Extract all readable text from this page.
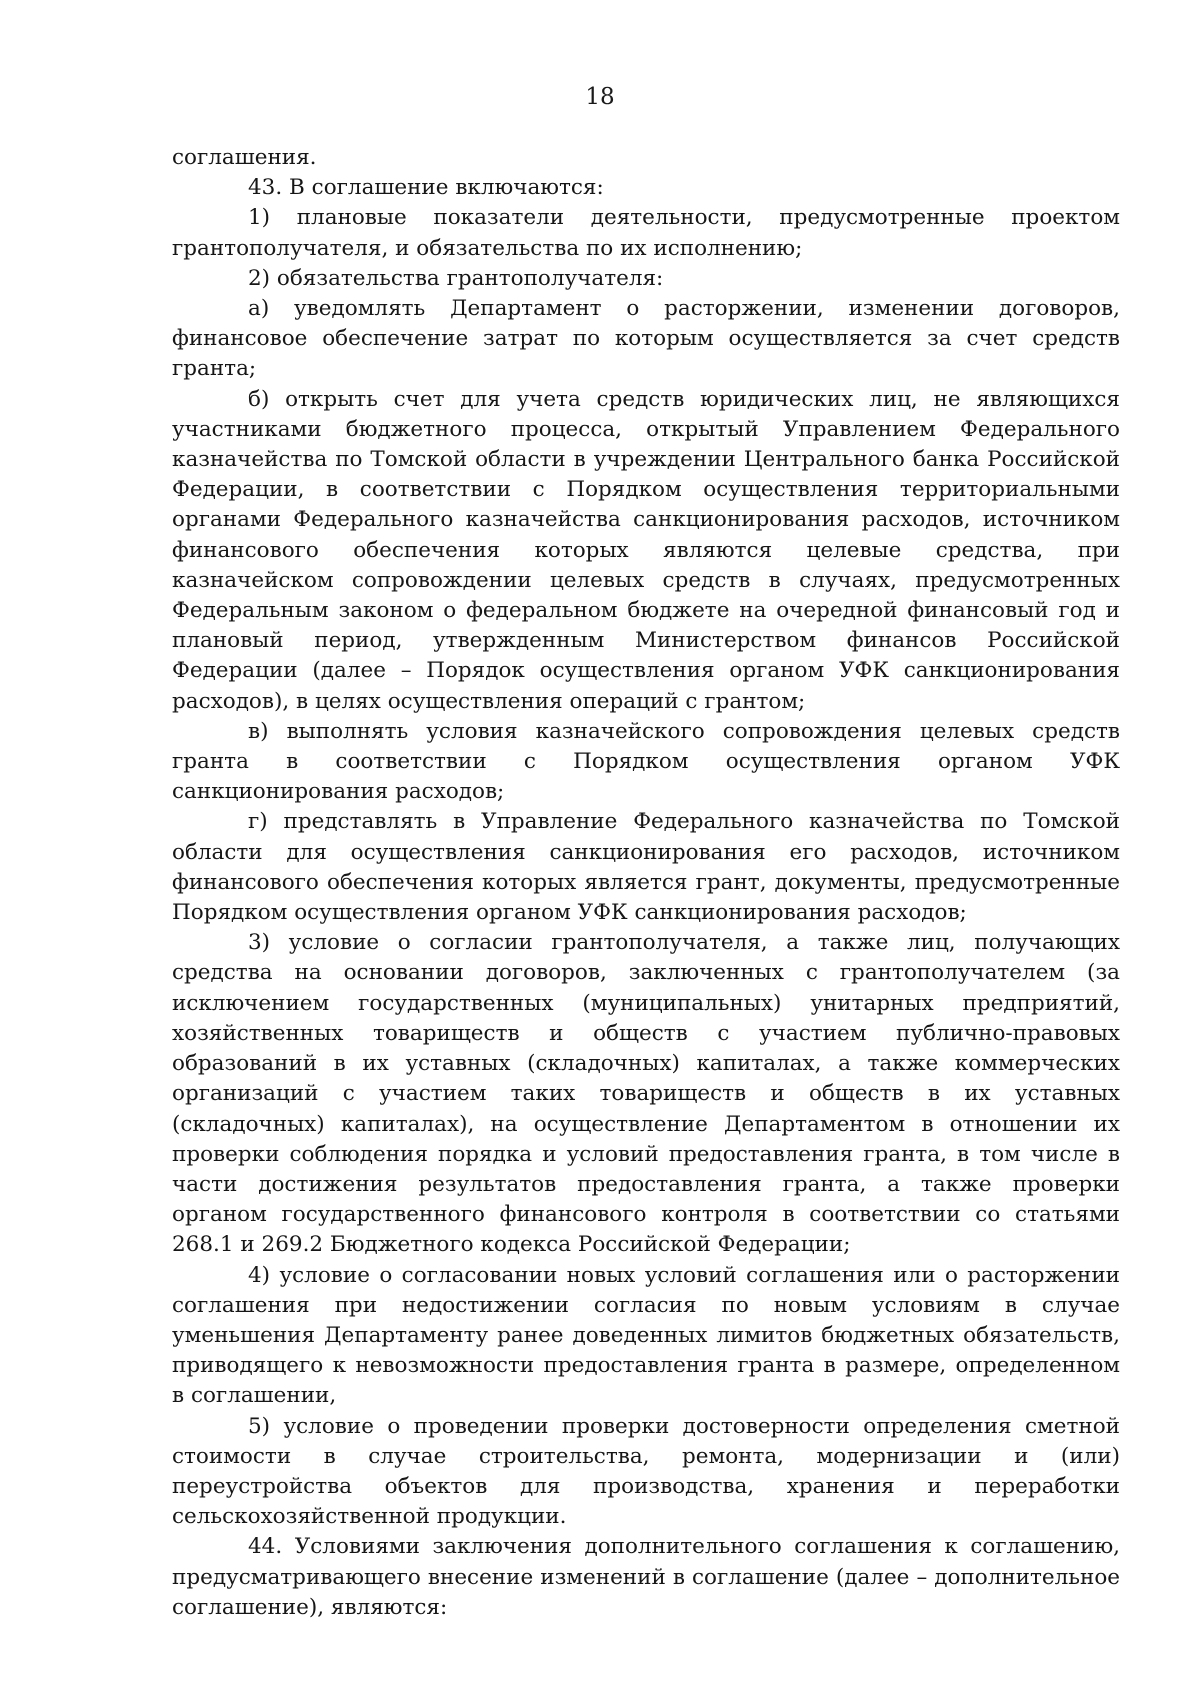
18

соглашения.

43. В соглашение включаются:

1) плановые показатели деятельности, предусмотренные проектом грантополучателя, и обязательства по их исполнению;

2) обязательства грантополучателя:

а) уведомлять Департамент о расторжении, изменении договоров, финансовое обеспечение затрат по которым осуществляется за счет средств гранта;

б) открыть счет для учета средств юридических лиц, не являющихся участниками бюджетного процесса, открытый Управлением Федерального казначейства по Томской области в учреждении Центрального банка Российской Федерации, в соответствии с Порядком осуществления территориальными органами Федерального казначейства санкционирования расходов, источником финансового обеспечения которых являются целевые средства, при казначейском сопровождении целевых средств в случаях, предусмотренных Федеральным законом о федеральном бюджете на очередной финансовый год и плановый период, утвержденным Министерством финансов Российской Федерации (далее – Порядок осуществления органом УФК санкционирования расходов), в целях осуществления операций с грантом;

в) выполнять условия казначейского сопровождения целевых средств гранта в соответствии с Порядком осуществления органом УФК санкционирования расходов;

г) представлять в Управление Федерального казначейства по Томской области для осуществления санкционирования его расходов, источником финансового обеспечения которых является грант, документы, предусмотренные Порядком осуществления органом УФК санкционирования расходов;

3) условие о согласии грантополучателя, а также лиц, получающих средства на основании договоров, заключенных с грантополучателем (за исключением государственных (муниципальных) унитарных предприятий, хозяйственных товариществ и обществ с участием публично-правовых образований в их уставных (складочных) капиталах, а также коммерческих организаций с участием таких товариществ и обществ в их уставных (складочных) капиталах), на осуществление Департаментом в отношении их проверки соблюдения порядка и условий предоставления гранта, в том числе в части достижения результатов предоставления гранта, а также проверки органом государственного финансового контроля в соответствии со статьями 268.1 и 269.2 Бюджетного кодекса Российской Федерации;

4) условие о согласовании новых условий соглашения или о расторжении соглашения при недостижении согласия по новым условиям в случае уменьшения Департаменту ранее доведенных лимитов бюджетных обязательств, приводящего к невозможности предоставления гранта в размере, определенном в соглашении,

5) условие о проведении проверки достоверности определения сметной стоимости в случае строительства, ремонта, модернизации и (или) переустройства объектов для производства, хранения и переработки сельскохозяйственной продукции.

44. Условиями заключения дополнительного соглашения к соглашению, предусматривающего внесение изменений в соглашение (далее – дополнительное соглашение), являются:
